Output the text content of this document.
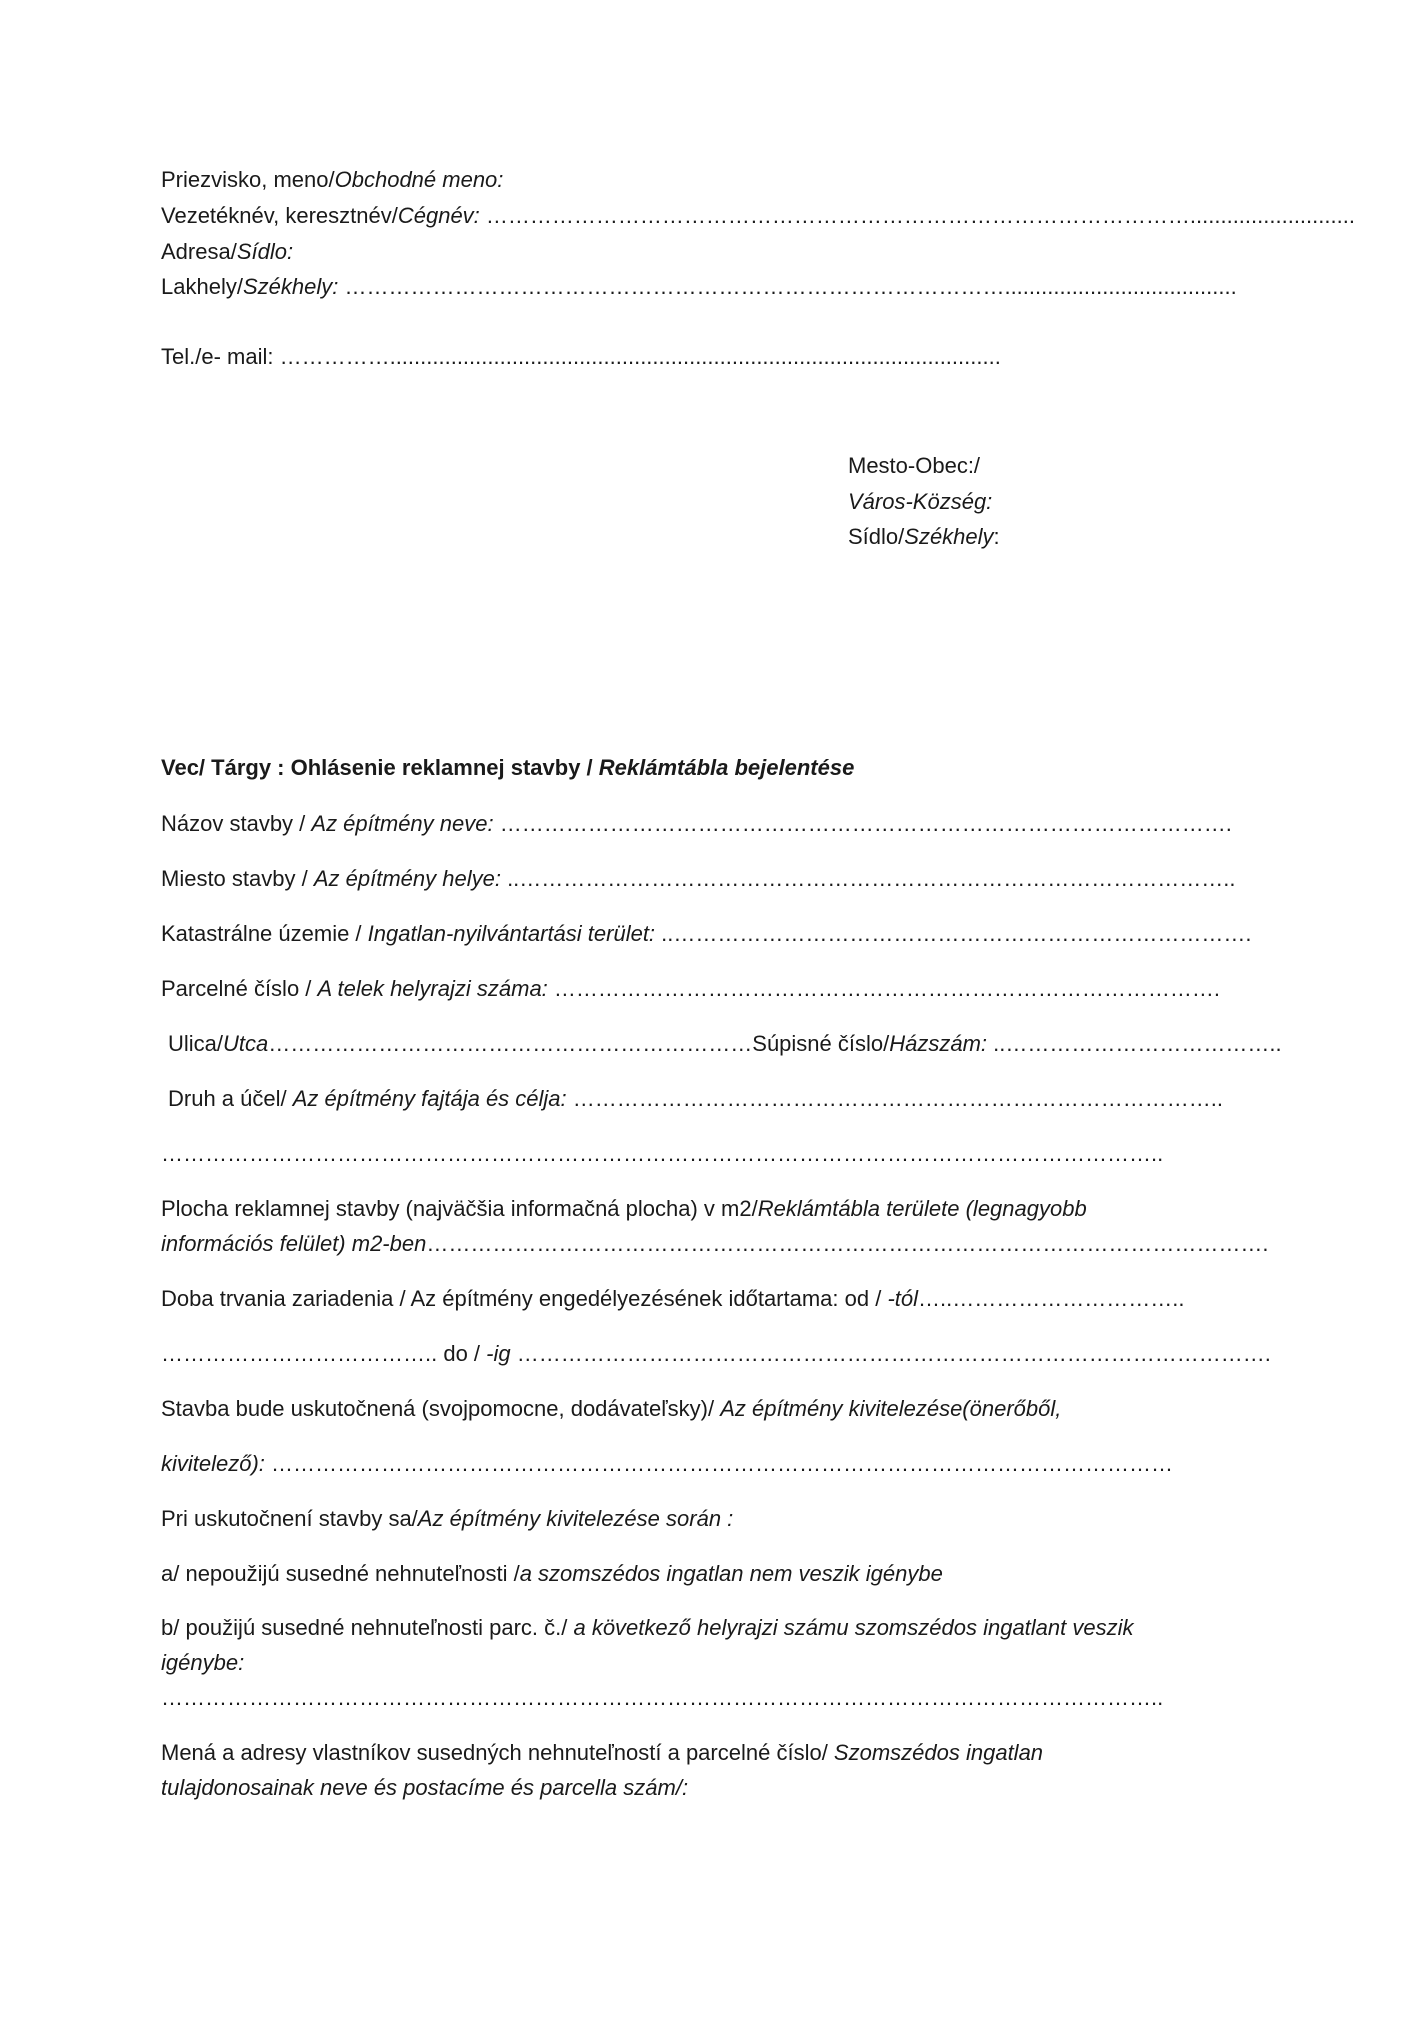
Priezvisko, meno/Obchodné meno:
Vezetéknév, keresztnév/Cégnév: ……………………………………………………………………………………...........................
Adresa/Sídlo:
Lakhely/Székhely: ………………………………………………………………………………......................................
Tel./e- mail: ……………....................................................................................................
Mesto-Obec:/
Város-Község:
Sídlo/Székhely:
Vec/ Tárgy : Ohlásenie reklamnej stavby / Reklámtábla bejelentése
Názov stavby / Az építmény neve: ……………………………………………………………………………………….
Miesto stavby / Az építmény helye: ..……………………………………………………………………………………..
Katastrálne územie / Ingatlan-nyilvántartási terület: ..…………………………………………………………………….
Parcelné číslo / A telek helyrajzi száma: ……………………………………………………………………………….
Ulica/Utca…………………………………………………………Súpisné číslo/Házszám: ..………………………………..
Druh a účel/ Az építmény fajtája és célja: ……………………………………………………………………………..
………………………………………………………………………………………………………………………..
Plocha reklamnej stavby (najväčšia informačná plocha) v m2/Reklámtábla területe (legnagyobb
információs felület) m2-ben…………………………………………………………………………………………………….
Doba trvania zariadenia / Az építmény engedélyezésének időtartama: od / -tól…..…………………………..
……………………………….. do / -ig ………………………………………………………………………………………….
Stavba bude uskutočnená (svojpomocne, dodávateľsky)/ Az építmény kivitelezése(önerőből,
kivitelező): ……………………………………………………………………………………………………………
Pri uskutočnení stavby sa/Az építmény kivitelezése során :
a/ nepoužijú susedné nehnuteľnosti /a szomszédos ingatlan nem veszik igénybe
b/ použijú susedné nehnuteľnosti parc. č./ a következő helyrajzi számu szomszédos ingatlant veszik
igénybe:
………………………………………………………………………………………………………………………..
Mená a adresy vlastníkov susedných nehnuteľností a parcelné číslo/ Szomszédos ingatlan
tulajdonosainak neve és postacíme és parcella szám/:
